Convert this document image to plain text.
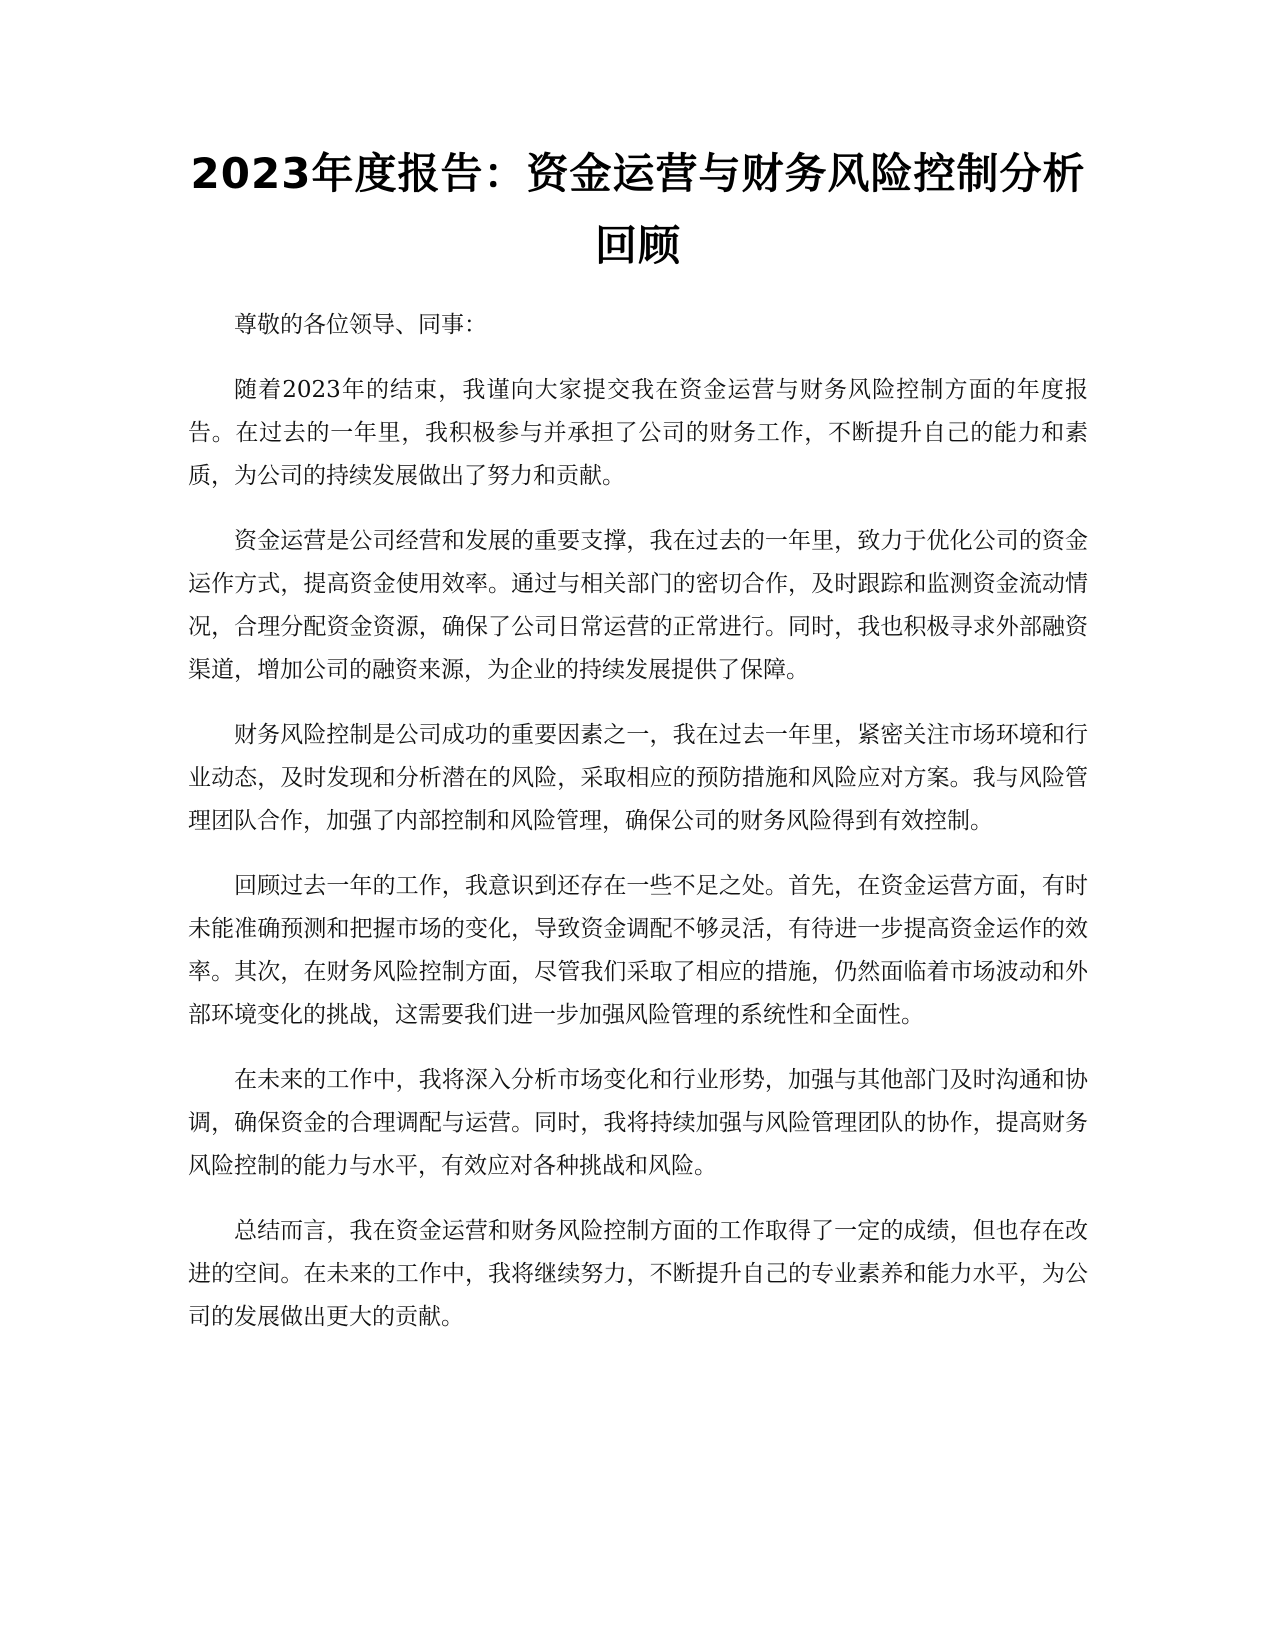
2023年度报告：资金运营与财务风险控制分析回顾

尊敬的各位领导、同事：

随着2023年的结束，我谨向大家提交我在资金运营与财务风险控制方面的年度报告。在过去的一年里，我积极参与并承担了公司的财务工作，不断提升自己的能力和素质，为公司的持续发展做出了努力和贡献。

资金运营是公司经营和发展的重要支撑，我在过去的一年里，致力于优化公司的资金运作方式，提高资金使用效率。通过与相关部门的密切合作，及时跟踪和监测资金流动情况，合理分配资金资源，确保了公司日常运营的正常进行。同时，我也积极寻求外部融资渠道，增加公司的融资来源，为企业的持续发展提供了保障。

财务风险控制是公司成功的重要因素之一，我在过去一年里，紧密关注市场环境和行业动态，及时发现和分析潜在的风险，采取相应的预防措施和风险应对方案。我与风险管理团队合作，加强了内部控制和风险管理，确保公司的财务风险得到有效控制。

回顾过去一年的工作，我意识到还存在一些不足之处。首先，在资金运营方面，有时未能准确预测和把握市场的变化，导致资金调配不够灵活，有待进一步提高资金运作的效率。其次，在财务风险控制方面，尽管我们采取了相应的措施，仍然面临着市场波动和外部环境变化的挑战，这需要我们进一步加强风险管理的系统性和全面性。

在未来的工作中，我将深入分析市场变化和行业形势，加强与其他部门及时沟通和协调，确保资金的合理调配与运营。同时，我将持续加强与风险管理团队的协作，提高财务风险控制的能力与水平，有效应对各种挑战和风险。

总结而言，我在资金运营和财务风险控制方面的工作取得了一定的成绩，但也存在改进的空间。在未来的工作中，我将继续努力，不断提升自己的专业素养和能力水平，为公司的发展做出更大的贡献。
